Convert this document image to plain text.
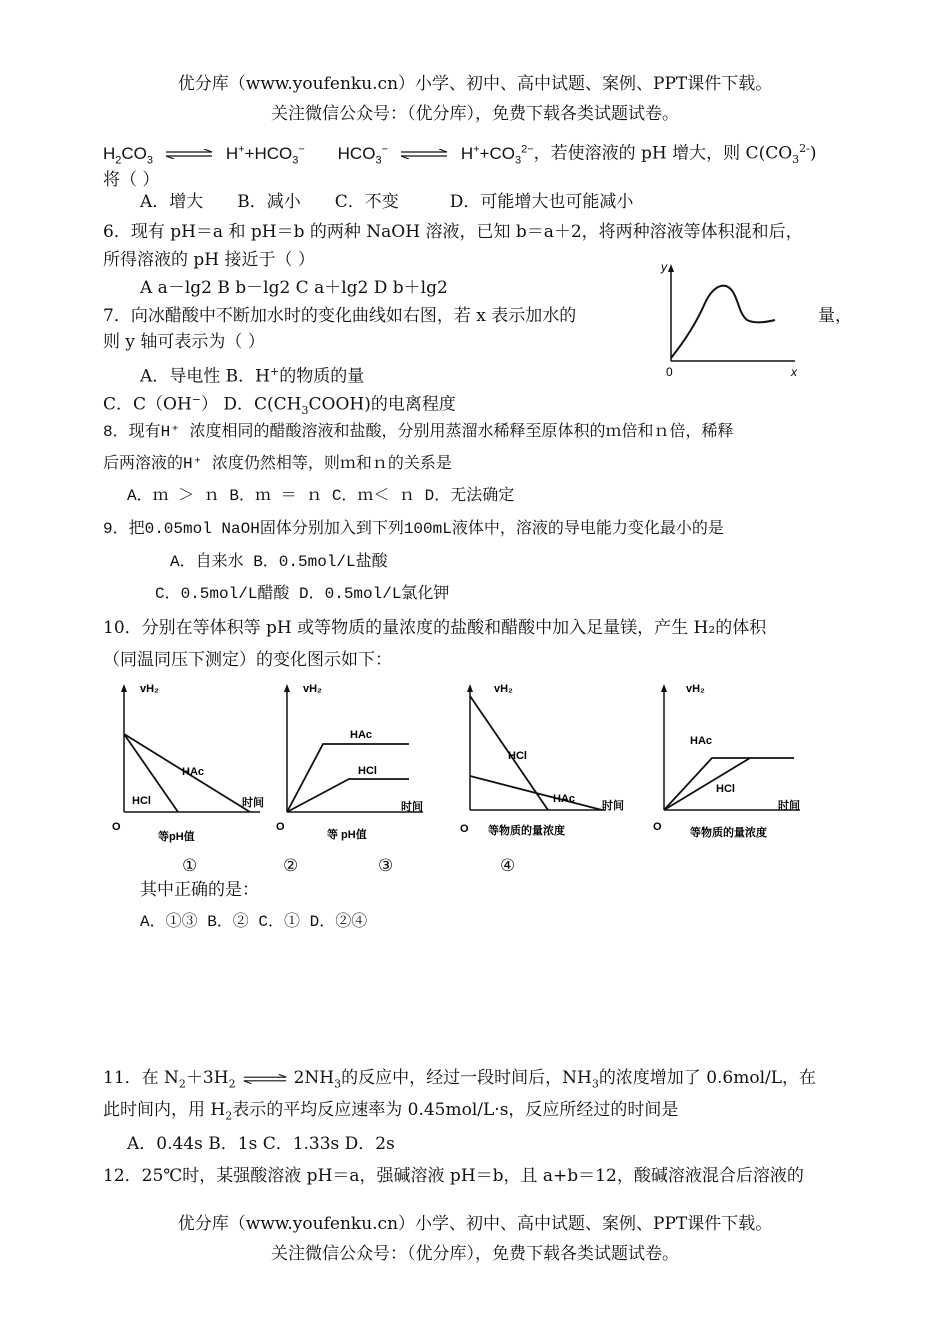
优分库（www.youfenku.cn）小学、初中、高中试题、案例、PPT课件下载。
关注微信公众号：（优分库），免费下载各类试题试卷。
$H_2CO_3$ ⇌ $H^++HCO_3^-$ $HCO_3^-$ ⇌ $H^++CO_3^{2-}$，若使溶液的 pH 增大，则 $C(CO_3^{2-})$
将（ ）
A．增大　　B．减小　　C．不变　　　D．可能增大也可能减小
6．现有 pH＝a 和 pH＝b 的两种 NaOH 溶液，已知 b＝a＋2，将两种溶液等体积混和后，
所得溶液的 pH 接近于（ ）
A a－lg2 B b－lg2 C a＋lg2 D b＋lg2
7．向冰醋酸中不断加水时的变化曲线如右图，若 x 表示加水的	量，
则 y 轴可表示为（ ）
A．导电性 B．H+的物质的量
C．C（OH−） D．$C(CH_3COOH)$的电离程度
y
x
0
8．现有H⁺ 浓度相同的醋酸溶液和盐酸，分别用蒸溜水稀释至原体积的ｍ倍和ｎ倍，稀释
后两溶液的H⁺ 浓度仍然相等，则ｍ和ｎ的关系是
A．ｍ ＞ ｎ B．ｍ ＝ ｎ C．ｍ＜ ｎ D．无法确定
9．把0.05mol NaOH固体分别加入到下列100mL液体中，溶液的导电能力变化最小的是
A．自来水 B．0.5mol/L盐酸
C．0.5mol/L醋酸 D．0.5mol/L氯化钾
10．分别在等体积等 pH 或等物质的量浓度的盐酸和醋酸中加入足量镁，产生 H₂的体积
（同温同压下测定）的变化图示如下：
vH₂
HAc
HCl	时间
O
等pH值
vH₂
HAc
HCl
时间
O
等 pH值
vH₂
HCl
HAc
时间
O 等物质的量浓度
vH₂
HAc
HCl
时间
O	等物质的量浓度
①	②	③	④
其中正确的是：
A．①③ B．② C．① D．②④
11．在 $N_2+3H_2$ ⇌ $2NH_3$的反应中，经过一段时间后，$NH_3$的浓度增加了 0.6mol/L，在
此时间内，用 $H_2$表示的平均反应速率为 0.45mol/L·s，反应所经过的时间是
A．0.44s B．1s C．1.33s D．2s
12．25℃时，某强酸溶液 pH＝a，强碱溶液 pH＝b，且 a+b＝12，酸碱溶液混合后溶液的
优分库（www.youfenku.cn）小学、初中、高中试题、案例、PPT课件下载。
关注微信公众号：（优分库），免费下载各类试题试卷。
